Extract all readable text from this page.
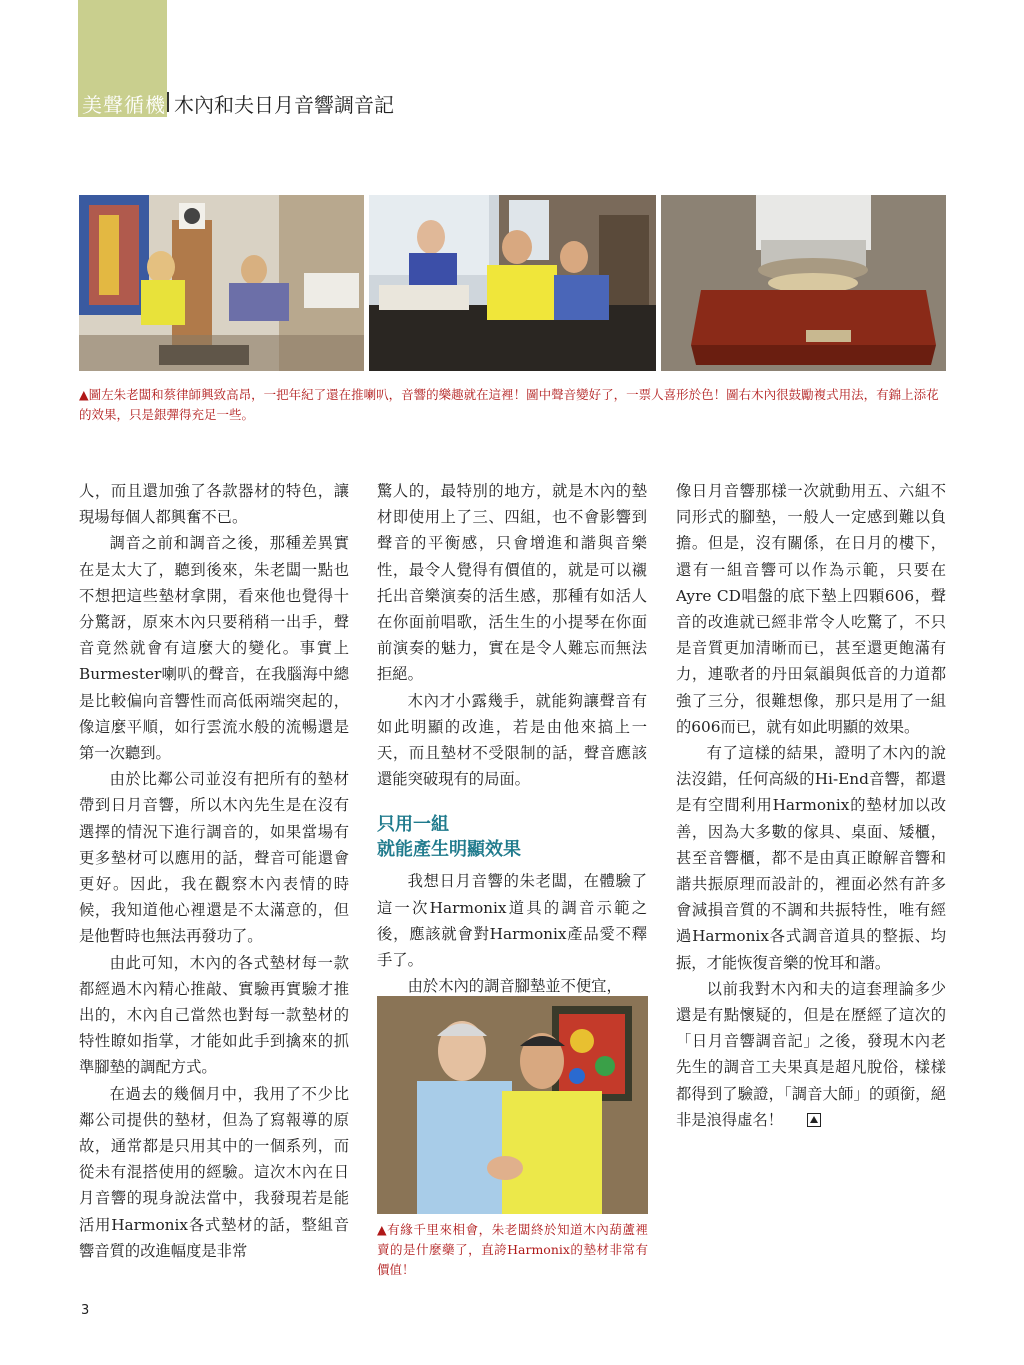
美聲循機 木內和夫日月音響調音記
▲圖左朱老闆和蔡律師興致高昂，一把年紀了還在推喇叭，音響的樂趣就在這裡！圖中聲音變好了，一票人喜形於色！圖右木內很鼓勵複式用法，有錦上添花的效果，只是銀彈得充足一些。

人，而且還加強了各款器材的特色，讓現場每個人都興奮不已。

調音之前和調音之後，那種差異實在是太大了，聽到後來，朱老闆一點也不想把這些墊材拿開，看來他也覺得十分驚訝，原來木內只要稍稍一出手，聲音竟然就會有這麼大的變化。事實上Burmester喇叭的聲音，在我腦海中總是比較偏向音響性而高低兩端突起的，像這麼平順，如行雲流水般的流暢還是第一次聽到。

由於比鄰公司並沒有把所有的墊材帶到日月音響，所以木內先生是在沒有選擇的情況下進行調音的，如果當場有更多墊材可以應用的話，聲音可能還會更好。因此，我在觀察木內表情的時候，我知道他心裡還是不太滿意的，但是他暫時也無法再發功了。

由此可知，木內的各式墊材每一款都經過木內精心推敲、實驗再實驗才推出的，木內自己當然也對每一款墊材的特性瞭如指掌，才能如此手到擒來的抓準腳墊的調配方式。

在過去的幾個月中，我用了不少比鄰公司提供的墊材，但為了寫報導的原故，通常都是只用其中的一個系列，而從未有混搭使用的經驗。這次木內在日月音響的現身說法當中，我發現若是能活用Harmonix各式墊材的話，整組音響音質的改進幅度是非常

驚人的，最特別的地方，就是木內的墊材即使用上了三、四組，也不會影響到聲音的平衡感，只會增進和諧與音樂性，最令人覺得有價值的，就是可以襯托出音樂演奏的活生感，那種有如活人在你面前唱歌，活生生的小提琴在你面前演奏的魅力，實在是令人難忘而無法拒絕。

木內才小露幾手，就能夠讓聲音有如此明顯的改進，若是由他來搞上一天，而且墊材不受限制的話，聲音應該還能突破現有的局面。

只用一組
就能產生明顯效果

我想日月音響的朱老闆，在體驗了這一次Harmonix道具的調音示範之後，應該就會對Harmonix產品愛不釋手了。

由於木內的調音腳墊並不便宜，

▲有緣千里來相會，朱老闆終於知道木內葫蘆裡賣的是什麼藥了，直誇Harmonix的墊材非常有價值！

像日月音響那樣一次就動用五、六組不同形式的腳墊，一般人一定感到難以負擔。但是，沒有關係，在日月的樓下，還有一組音響可以作為示範，只要在Ayre CD唱盤的底下墊上四顆606，聲音的改進就已經非常令人吃驚了，不只是音質更加清晰而已，甚至還更飽滿有力，連歌者的丹田氣韻與低音的力道都強了三分，很難想像，那只是用了一組的606而已，就有如此明顯的效果。

有了這樣的結果，證明了木內的說法沒錯，任何高級的Hi-End音響，都還是有空間利用Harmonix的墊材加以改善，因為大多數的傢具、桌面、矮櫃，甚至音響櫃，都不是由真正瞭解音響和諧共振原理而設計的，裡面必然有許多會減損音質的不調和共振特性，唯有經過Harmonix各式調音道具的整振、均振，才能恢復音樂的悅耳和諧。

以前我對木內和夫的這套理論多少還是有點懷疑的，但是在歷經了這次的「日月音響調音記」之後，發現木內老先生的調音工夫果真是超凡脫俗，樣樣都得到了驗證，「調音大師」的頭銜，絕非是浪得虛名！

3
